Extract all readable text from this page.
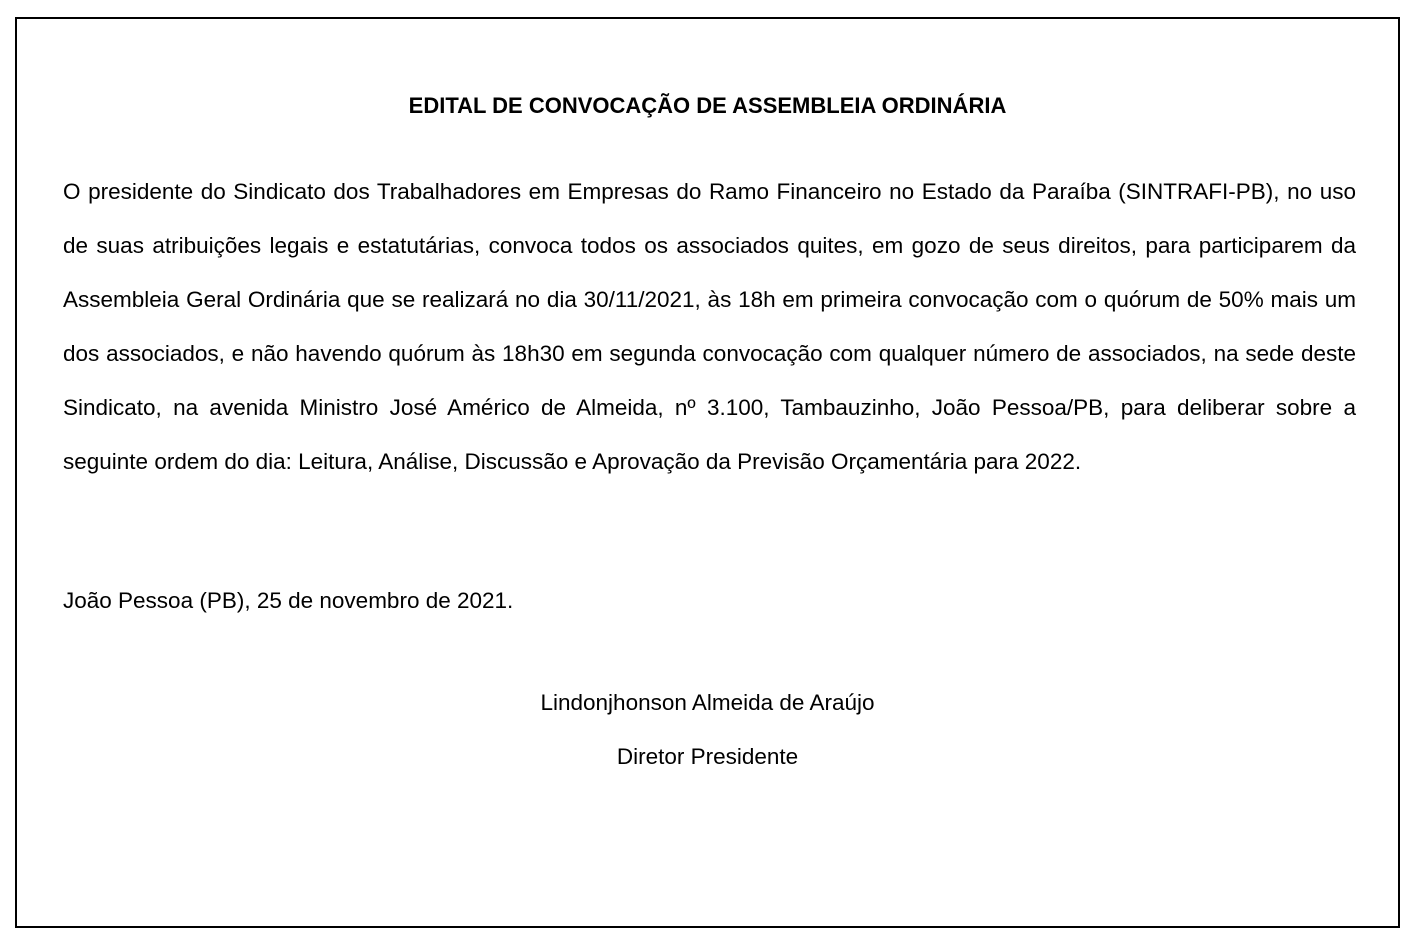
EDITAL DE CONVOCAÇÃO DE ASSEMBLEIA ORDINÁRIA

O presidente do Sindicato dos Trabalhadores em Empresas do Ramo Financeiro no Estado da Paraíba (SINTRAFI-PB), no uso de suas atribuições legais e estatutárias, convoca todos os associados quites, em gozo de seus direitos, para participarem da Assembleia Geral Ordinária que se realizará no dia 30/11/2021, às 18h em primeira convocação com o quórum de 50% mais um dos associados, e não havendo quórum às 18h30 em segunda convocação com qualquer número de associados, na sede deste Sindicato, na avenida Ministro José Américo de Almeida, nº 3.100, Tambauzinho, João Pessoa/PB, para deliberar sobre a seguinte ordem do dia: Leitura, Análise, Discussão e Aprovação da Previsão Orçamentária para 2022.

João Pessoa (PB), 25 de novembro de 2021.

Lindonjhonson Almeida de Araújo
Diretor Presidente
